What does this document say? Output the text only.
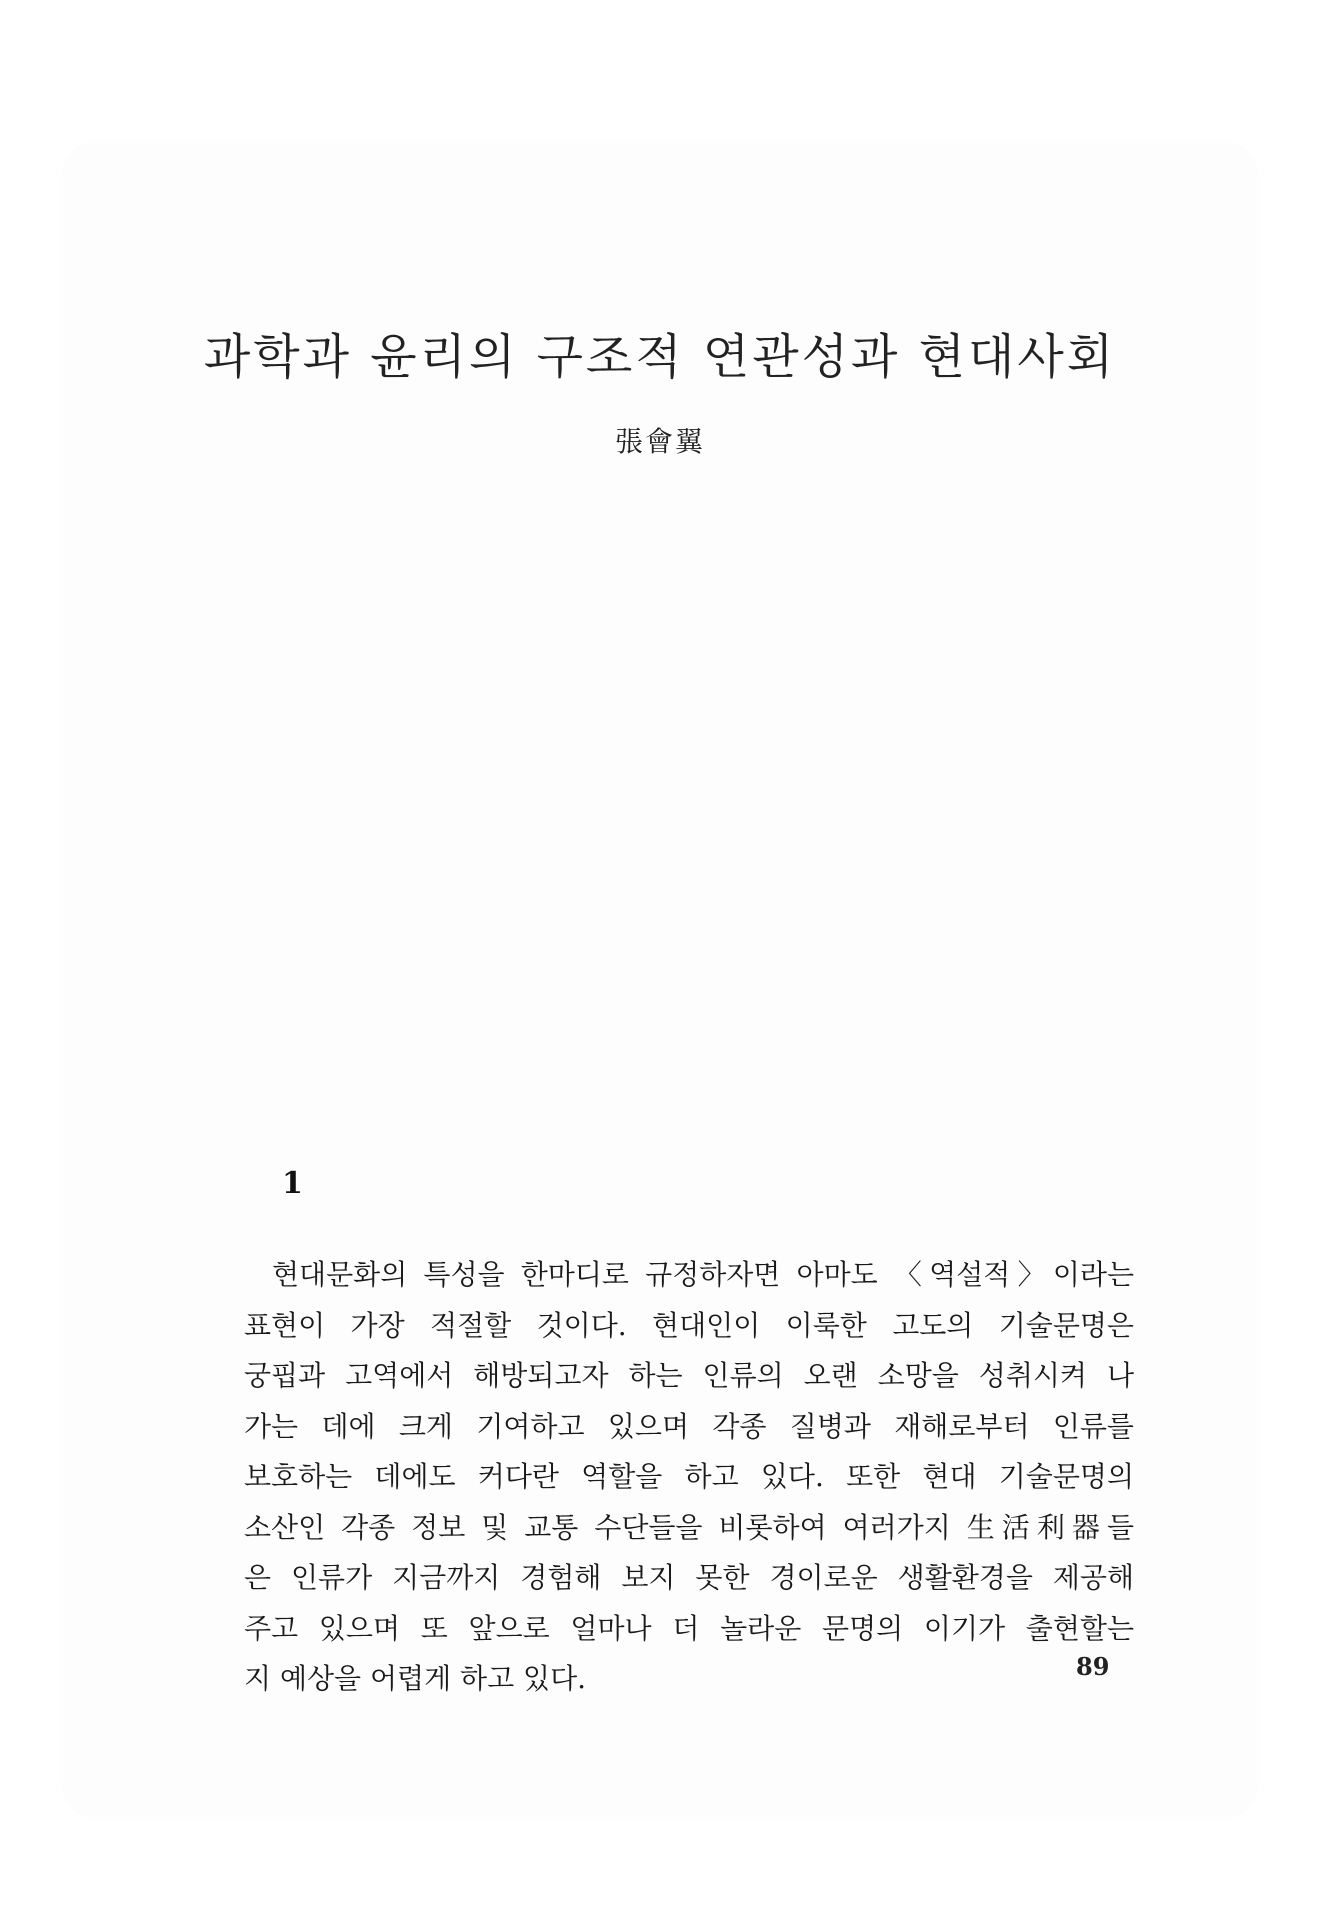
과학과 윤리의 구조적 연관성과 현대사회
張會翼
1

현대문화의 특성을 한마디로 규정하자면 아마도 〈역설적〉이라는
표현이 가장 적절할 것이다. 현대인이 이룩한 고도의 기술문명은
궁핍과 고역에서 해방되고자 하는 인류의 오랜 소망을 성취시켜 나
가는 데에 크게 기여하고 있으며 각종 질병과 재해로부터 인류를
보호하는 데에도 커다란 역할을 하고 있다. 또한 현대 기술문명의
소산인 각종 정보 및 교통 수단들을 비롯하여 여러가지 生活利器들
은 인류가 지금까지 경험해 보지 못한 경이로운 생활환경을 제공해
주고 있으며 또 앞으로 얼마나 더 놀라운 문명의 이기가 출현할는
지 예상을 어렵게 하고 있다.	89
